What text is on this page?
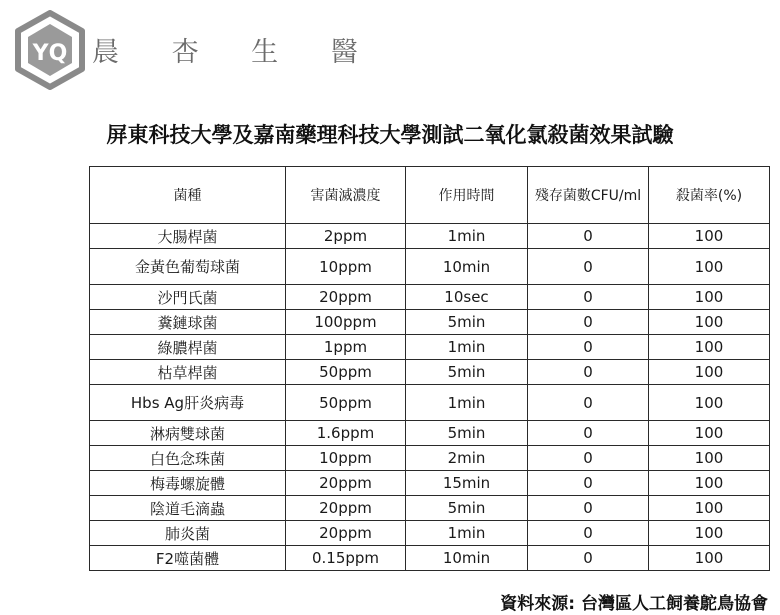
YQ 晨 杏 生 醫
屏東科技大學及嘉南藥理科技大學測試二氧化氯殺菌效果試驗
菌種	害菌滅濃度	作用時間	殘存菌數CFU/ml	殺菌率(%)
大腸桿菌	2ppm	1min	0	100
金黃色葡萄球菌	10ppm	10min	0	100
沙門氏菌	20ppm	10sec	0	100
糞鏈球菌	100ppm	5min	0	100
綠膿桿菌	1ppm	1min	0	100
枯草桿菌	50ppm	5min	0	100
Hbs Ag肝炎病毒	50ppm	1min	0	100
淋病雙球菌	1.6ppm	5min	0	100
白色念珠菌	10ppm	2min	0	100
梅毒螺旋體	20ppm	15min	0	100
陰道毛滴蟲	20ppm	5min	0	100
肺炎菌	20ppm	1min	0	100
F2噬菌體	0.15ppm	10min	0	100
資料來源: 台灣區人工飼養鴕鳥協會
